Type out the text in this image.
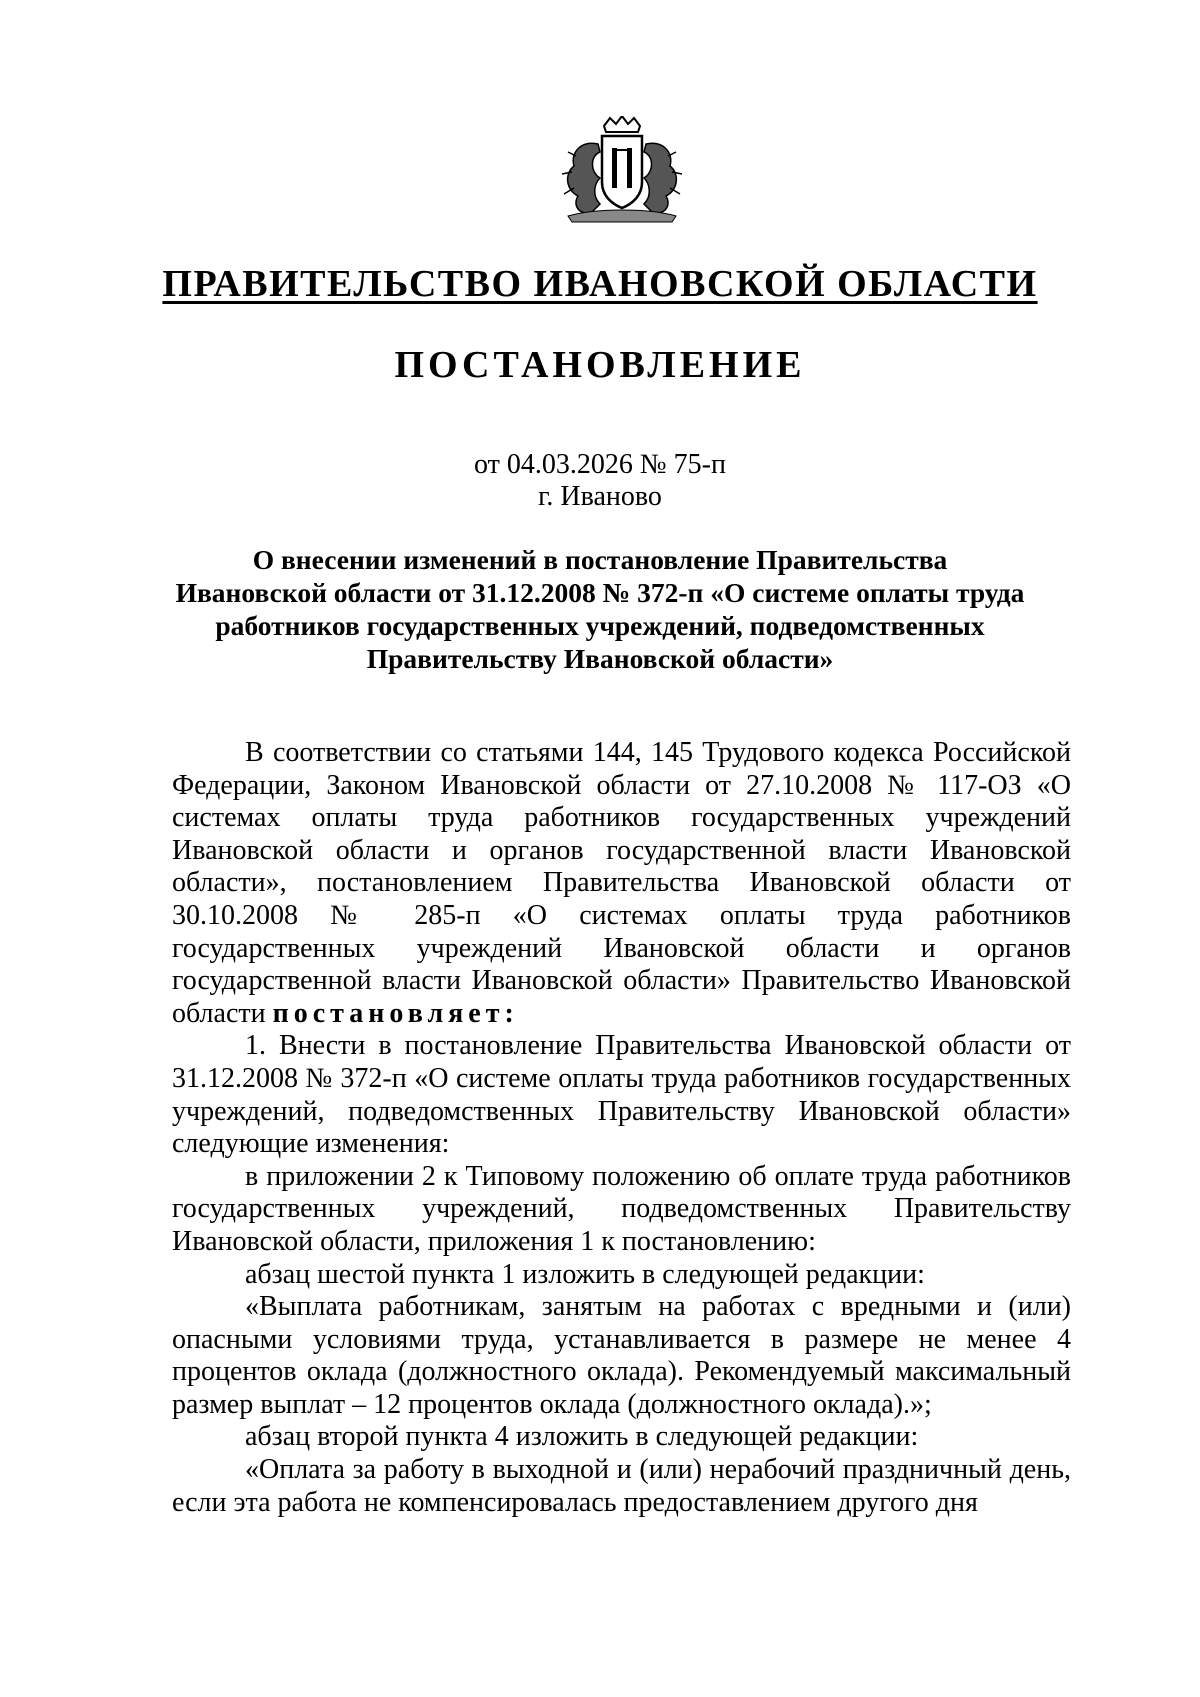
ПРАВИТЕЛЬСТВО ИВАНОВСКОЙ ОБЛАСТИ
ПОСТАНОВЛЕНИЕ
от 04.03.2026 № 75-п
г. Иваново
О внесении изменений в постановление Правительства
Ивановской области от 31.12.2008 № 372-п «О системе оплаты труда
работников государственных учреждений, подведомственных
Правительству Ивановской области»

В соответствии со статьями 144, 145 Трудового кодекса Российской Федерации, Законом Ивановской области от 27.10.2008 № 117-ОЗ «О системах оплаты труда работников государственных учреждений Ивановской области и органов государственной власти Ивановской области», постановлением Правительства Ивановской области от 30.10.2008 № 285-п «О системах оплаты труда работников государственных учреждений Ивановской области и органов государственной власти Ивановской области» Правительство Ивановской области постановляет:

1. Внести в постановление Правительства Ивановской области от 31.12.2008 № 372-п «О системе оплаты труда работников государственных учреждений, подведомственных Правительству Ивановской области» следующие изменения:

в приложении 2 к Типовому положению об оплате труда работников государственных учреждений, подведомственных Правительству Ивановской области, приложения 1 к постановлению:

абзац шестой пункта 1 изложить в следующей редакции:

«Выплата работникам, занятым на работах с вредными и (или) опасными условиями труда, устанавливается в размере не менее 4 процентов оклада (должностного оклада). Рекомендуемый максимальный размер выплат – 12 процентов оклада (должностного оклада).»;

абзац второй пункта 4 изложить в следующей редакции:

«Оплата за работу в выходной и (или) нерабочий праздничный день, если эта работа не компенсировалась предоставлением другого дня
